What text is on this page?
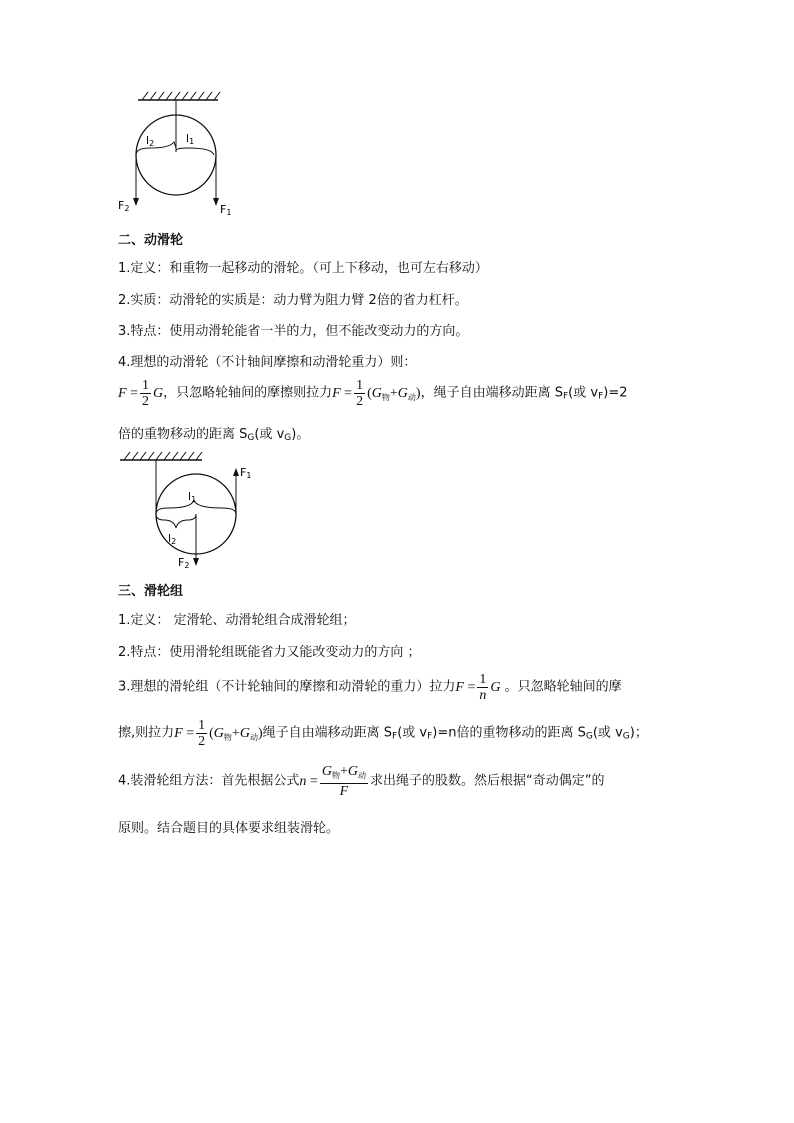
l2	l1
F2	F1
二、动滑轮
1.定义：和重物一起移动的滑轮。（可上下移动，也可左右移动）
2.实质：动滑轮的实质是：动力臂为阻力臂 2倍的省力杠杆。
3.特点：使用动滑轮能省一半的力，但不能改变动力的方向。
4.理想的动滑轮（不计轴间摩擦和动滑轮重力）则：
$F = \frac{1}{2}$ G，只忽略轮轴间的摩擦则拉力$F = \frac{1}{2} (G_物+G_动)$，绳子自由端移动距离 SF(或 vF)=2
倍的重物移动的距离 SG(或 vG)。
l1
l2
F1
F2
三、滑轮组
1.定义： 定滑轮、动滑轮组合成滑轮组；
2.特点：使用滑轮组既能省力又能改变动力的方向 ；
3.理想的滑轮组（不计轮轴间的摩擦和动滑轮的重力）拉力$F = \frac{1}{n}$ G 。只忽略轮轴间的摩
擦,则拉力$F = \frac{1}{2} (G_物+G_动)$绳子自由端移动距离 SF(或 vF)=n倍的重物移动的距离 SG(或 vG)；
4.装滑轮组方法：首先根据公式$n = \frac{G_物+G_动}{F}$ 求出绳子的股数。然后根据“奇动偶定”的
原则。结合题目的具体要求组装滑轮。
